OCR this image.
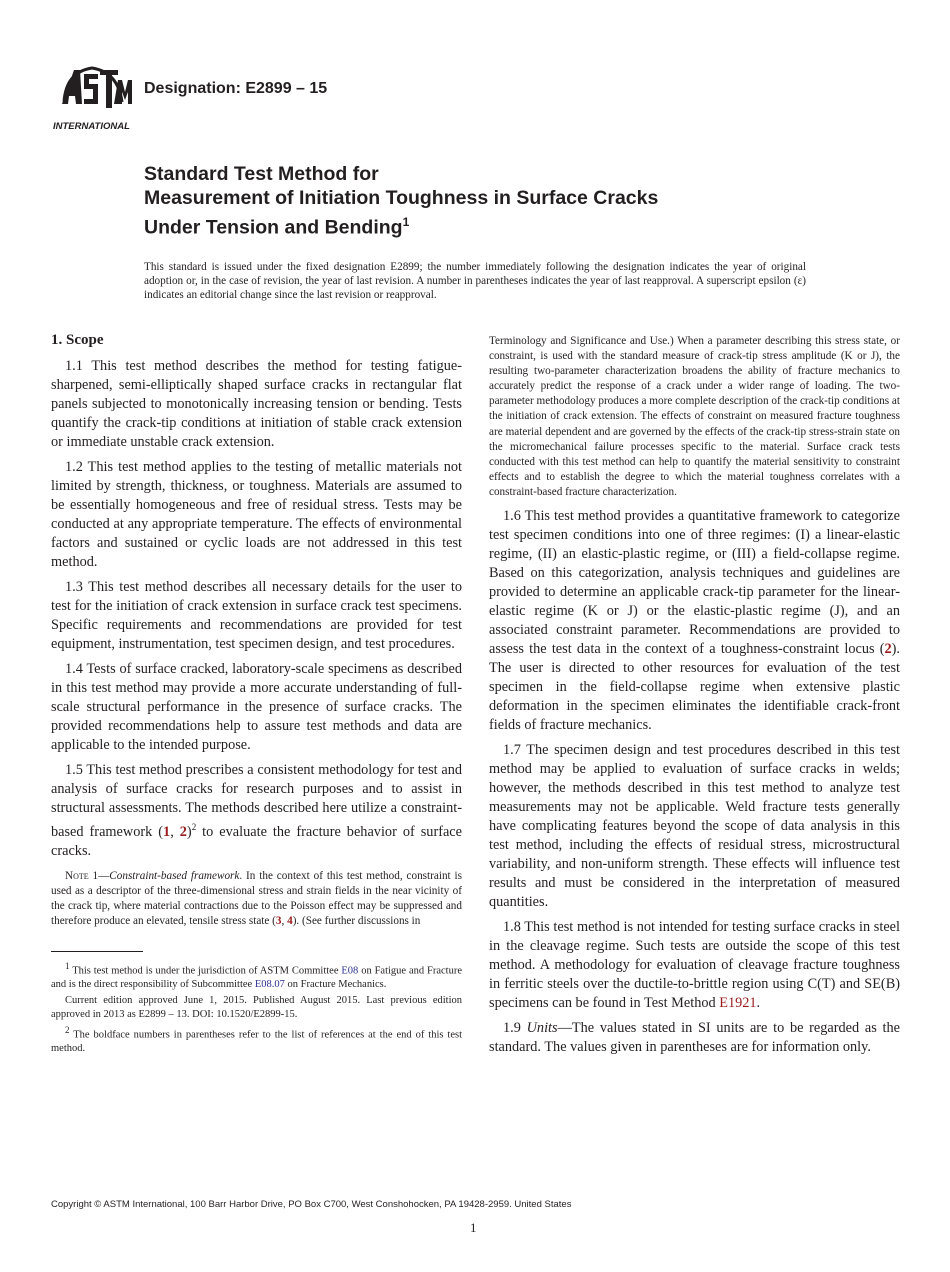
INTERNATIONAL
Designation: E2899 – 15
Standard Test Method for
Measurement of Initiation Toughness in Surface Cracks
Under Tension and Bending$^1$
This standard is issued under the fixed designation E2899; the number immediately following the designation indicates the year of original adoption or, in the case of revision, the year of last revision. A number in parentheses indicates the year of last reapproval. A superscript epsilon (ε) indicates an editorial change since the last revision or reapproval.
1. Scope

1.1 This test method describes the method for testing fatigue-sharpened, semi-elliptically shaped surface cracks in rectangular flat panels subjected to monotonically increasing tension or bending. Tests quantify the crack-tip conditions at initiation of stable crack extension or immediate unstable crack extension.

1.2 This test method applies to the testing of metallic materials not limited by strength, thickness, or toughness. Materials are assumed to be essentially homogeneous and free of residual stress. Tests may be conducted at any appropriate temperature. The effects of environmental factors and sustained or cyclic loads are not addressed in this test method.

1.3 This test method describes all necessary details for the user to test for the initiation of crack extension in surface crack test specimens. Specific requirements and recommendations are provided for test equipment, instrumentation, test specimen design, and test procedures.

1.4 Tests of surface cracked, laboratory-scale specimens as described in this test method may provide a more accurate understanding of full-scale structural performance in the presence of surface cracks. The provided recommendations help to assure test methods and data are applicable to the intended purpose.

1.5 This test method prescribes a consistent methodology for test and analysis of surface cracks for research purposes and to assist in structural assessments. The methods described here utilize a constraint-based framework (1, 2)$^2$ to evaluate the fracture behavior of surface cracks.

Note 1—Constraint-based framework. In the context of this test method, constraint is used as a descriptor of the three-dimensional stress and strain fields in the near vicinity of the crack tip, where material contractions due to the Poisson effect may be suppressed and therefore produce an elevated, tensile stress state (3, 4). (See further discussions in

$^1$ This test method is under the jurisdiction of ASTM Committee E08 on Fatigue and Fracture and is the direct responsibility of Subcommittee E08.07 on Fracture Mechanics.

Current edition approved June 1, 2015. Published August 2015. Last previous edition approved in 2013 as E2899 – 13. DOI: 10.1520/E2899-15.

$^2$ The boldface numbers in parentheses refer to the list of references at the end of this test method.

Terminology and Significance and Use.) When a parameter describing this stress state, or constraint, is used with the standard measure of crack-tip stress amplitude (K or J), the resulting two-parameter characterization broadens the ability of fracture mechanics to accurately predict the response of a crack under a wider range of loading. The two-parameter methodology produces a more complete description of the crack-tip conditions at the initiation of crack extension. The effects of constraint on measured fracture toughness are material dependent and are governed by the effects of the crack-tip stress-strain state on the micromechanical failure processes specific to the material. Surface crack tests conducted with this test method can help to quantify the material sensitivity to constraint effects and to establish the degree to which the material toughness correlates with a constraint-based fracture characterization.

1.6 This test method provides a quantitative framework to categorize test specimen conditions into one of three regimes: (I) a linear-elastic regime, (II) an elastic-plastic regime, or (III) a field-collapse regime. Based on this categorization, analysis techniques and guidelines are provided to determine an applicable crack-tip parameter for the linear-elastic regime (K or J) or the elastic-plastic regime (J), and an associated constraint parameter. Recommendations are provided to assess the test data in the context of a toughness-constraint locus (2). The user is directed to other resources for evaluation of the test specimen in the field-collapse regime when extensive plastic deformation in the specimen eliminates the identifiable crack-front fields of fracture mechanics.

1.7 The specimen design and test procedures described in this test method may be applied to evaluation of surface cracks in welds; however, the methods described in this test method to analyze test measurements may not be applicable. Weld fracture tests generally have complicating features beyond the scope of data analysis in this test method, including the effects of residual stress, microstructural variability, and non-uniform strength. These effects will influence test results and must be considered in the interpretation of measured quantities.

1.8 This test method is not intended for testing surface cracks in steel in the cleavage regime. Such tests are outside the scope of this test method. A methodology for evaluation of cleavage fracture toughness in ferritic steels over the ductile-to-brittle region using C(T) and SE(B) specimens can be found in Test Method E1921.

1.9 Units—The values stated in SI units are to be regarded as the standard. The values given in parentheses are for information only.

Copyright © ASTM International, 100 Barr Harbor Drive, PO Box C700, West Conshohocken, PA 19428-2959. United States
1
